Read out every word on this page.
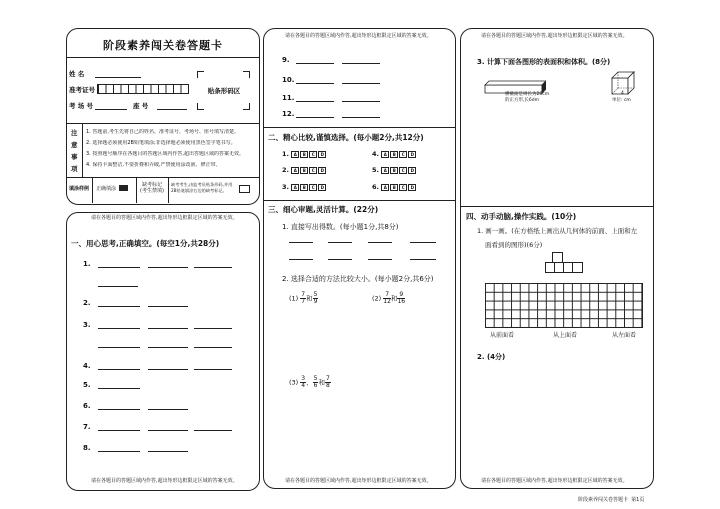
阶段素养闯关卷答题卡
姓 名
准考证号
考 场 号	座 号
贴条形码区
注
意
事
项
1. 答题前,考生先将自己的姓名、准考证号、考场号、座号填写清楚。
2. 选择题必须使用2B铅笔填涂;非选择题必须使用黑色签字笔书写。
3. 按照题号顺序在各题目的答题区域内作答,超出答题区域的答案无效。
4. 保持卡面整洁,不要折叠和弄破,严禁使用涂改液、修正带。
填涂样例 正确填涂
缺考标记 (考生禁填)
缺考考生,由监考员贴条形码,并用2B铅笔填涂右边的缺考标记。
请在各题目的答题区域内作答,超出矩形边框限定区域的答案无效。
一、用心思考,正确填空。(每空1分,共28分)
1.
2.
3.
4.
5.
6.
7.
8.
请在各题目的答题区域内作答,超出矩形边框限定区域的答案无效。
请在各题目的答题区域内作答,超出矩形边框限定区域的答案无效。
9.
10.
11.
12.
二、精心比较,谨慎选择。(每小题2分,共12分)
1. A B C D	4. A B C D
2. A B C D	5. A B C D
3. A B C D	6. A B C D
三、细心审题,灵活计算。(22分)
1. 直接写出得数。(每小题1分,共8分)
2. 选择合适的方法比较大小。(每小题2分,共6分)
$(1) \frac{7}{7}$ 和 $\frac{5}{9}$	$(2) \frac{7}{12}$ 和 $\frac{9}{16}$
$(3) \frac{3}{4}$ 、 $\frac{5}{6}$ 和 $\frac{7}{8}$
请在各题目的答题区域内作答,超出矩形边框限定区域的答案无效。
请在各题目的答题区域内作答,超出矩形边框限定区域的答案无效。
3. 计算下面各图形的表面积和体积。(8分)
横截面是周长为28cm
的正方形,长6dm
4
单位: cm
四、动手动脑,操作实践。(10分)
1. 画一画。(在方格纸上画出从几何体的前面、上面和左
面看到的图形)(6分)
从前面看	从上面看	从左面看
2. (4分)
请在各题目的答题区域内作答,超出矩形边框限定区域的答案无效。
阶段素养闯关卷答题卡  第1页
